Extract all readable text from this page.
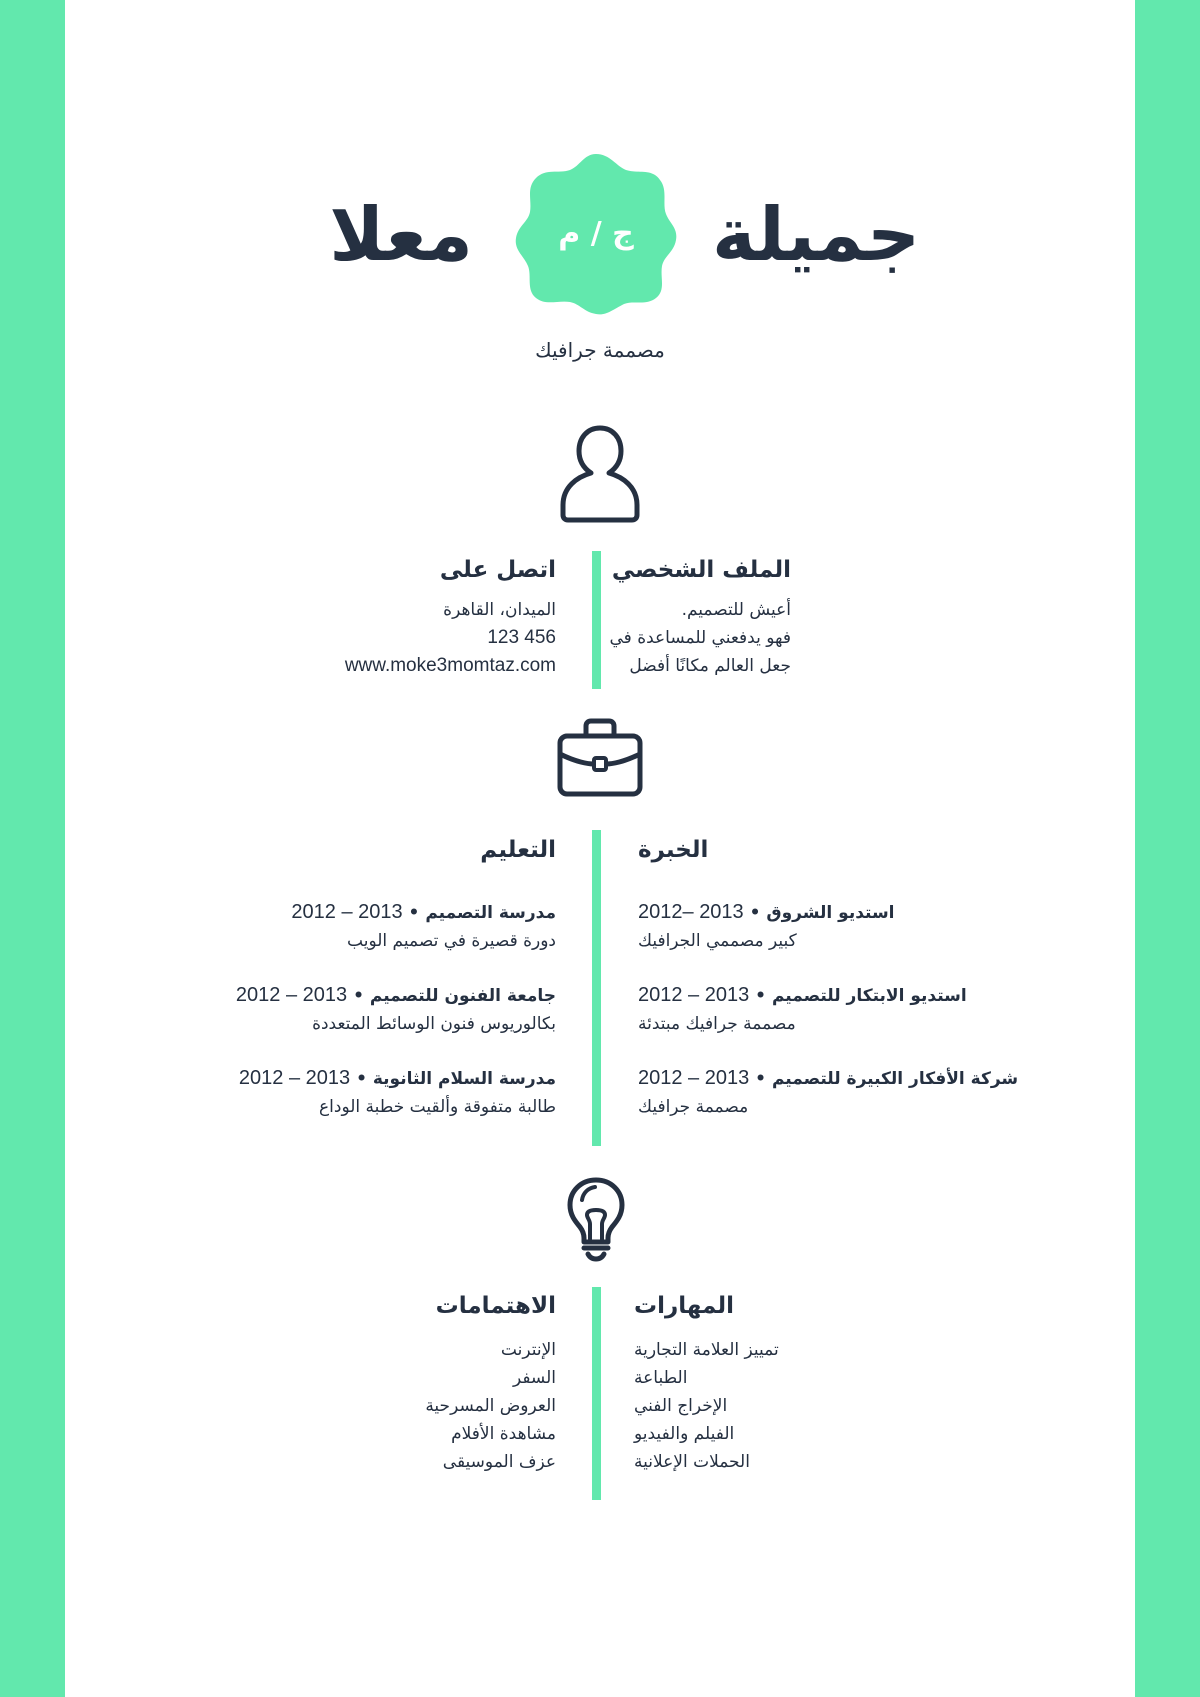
جميلة
معلا	ج / م
مصممة جرافيك
اتصل على
الميدان، القاهرة
123 456
www.moke3momtaz.com
الملف الشخصي
أعيش للتصميم.
فهو يدفعني للمساعدة في
جعل العالم مكانًا أفضل
التعليم
مدرسة التصميم • 2013 – 2012
دورة قصيرة في تصميم الويب
جامعة الفنون للتصميم • 2013 – 2012
بكالوريوس فنون الوسائط المتعددة
مدرسة السلام الثانوية • 2013 – 2012
طالبة متفوقة وألقيت خطبة الوداع
الخبرة
استديو الشروق • 2013 –2012
كبير مصممي الجرافيك
استديو الابتكار للتصميم • 2013 – 2012
مصممة جرافيك مبتدئة
شركة الأفكار الكبيرة للتصميم • 2013 – 2012
مصممة جرافيك
الاهتمامات
الإنترنت
السفر
العروض المسرحية
مشاهدة الأفلام
عزف الموسيقى
المهارات
تمييز العلامة التجارية
الطباعة
الإخراج الفني
الفيلم والفيديو
الحملات الإعلانية
